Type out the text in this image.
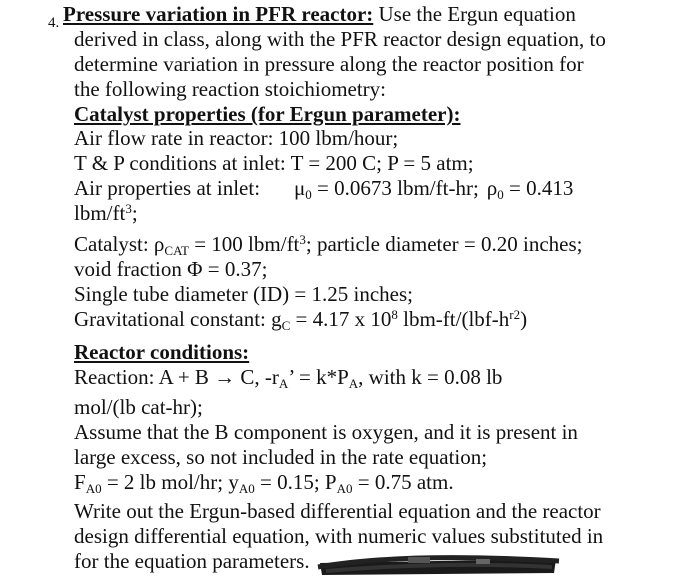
4. Pressure variation in PFR reactor: Use the Ergun equation
derived in class, along with the PFR reactor design equation, to
determine variation in pressure along the reactor position for
the following reaction stoichiometry:
Catalyst properties (for Ergun parameter):
Air flow rate in reactor: 100 lbm/hour;
T & P conditions at inlet: T = 200 C; P = 5 atm;
Air properties at inlet: $\mu_0 = 0.0673$ lbm/ft-hr; $\rho_0 = 0.413$
lbm/$ft^3$;
Catalyst: $\rho_{CAT} = 100$ lbm/$ft^3$; particle diameter = 0.20 inches;
void fraction Φ = 0.37;
Single tube diameter (ID) = 1.25 inches;
Gravitational constant: $g_C = 4.17$ x $10^8$ lbm-$ft/(lbf-h^{r2})$
Reactor conditions:
Reaction: A + B → C, $-r_A$’ = $k*P_A$, with k = 0.08 lb
mol/(lb cat-hr);
Assume that the B component is oxygen, and it is present in
large excess, so not included in the rate equation;
$F_{A0} = 2$ lb mol/hr; $y_{A0} = 0.15$; $P_{A0} = 0.75$ atm.
Write out the Ergun-based differential equation and the reactor
design differential equation, with numeric values substituted in
for the equation parameters.
